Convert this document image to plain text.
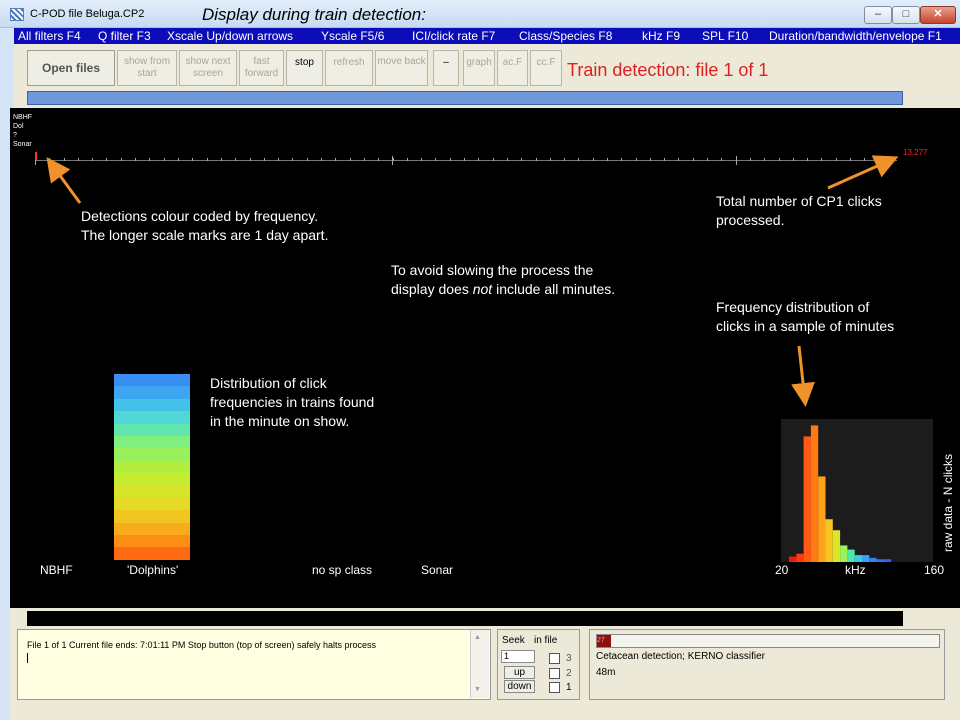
C-POD file Beluga.CP2	Display during train detection:	–	□	✕
All filters F4 Q filter F3 Xscale Up/down arrows Yscale F5/6 ICI/click rate F7 Class/Species F8 kHz F9 SPL F10 Duration/bandwidth/envelope F1
Open files	show from start
show next screen
fast forward
stop	refresh	move back	–	graph	ac.F	cc.F Train detection: file 1 of 1
NBHF
Dol
?
Sonar
13,277
Detections colour coded by frequency. The longer scale marks are 1 day apart.
Total number of CP1 clicks processed.
To avoid slowing the process the display does not include all minutes.
Frequency distribution of clicks in a sample of minutes
Distribution of click frequencies in trains found in the minute on show.
raw data - N clicks
NBHF	'Dolphins'	no sp class	Sonar	20	kHz	160
File 1 of 1 Current file ends: 7:01:11 PM Stop button (top of screen) safely halts process
▲
▼
Seek in file
1
up
down
3
2
1
27
Cetacean detection; KERNO classifier
48m
